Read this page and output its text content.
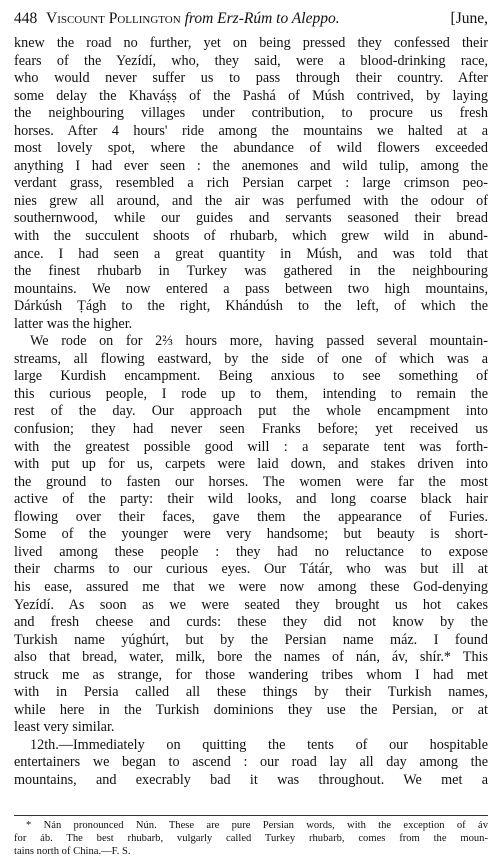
448 Viscount Pollington from Erz-Rúm to Aleppo.	[June,
knew the road no further, yet on being pressed they confessed their
fears of the Yezídí, who, they said, were a blood-drinking race,
who would never suffer us to pass through their country. After
some delay the Khaváṣṣ of the Pashá of Músh contrived, by laying
the neighbouring villages under contribution, to procure us fresh
horses. After 4 hours' ride among the mountains we halted at a
most lovely spot, where the abundance of wild flowers exceeded
anything I had ever seen : the anemones and wild tulip, among the
verdant grass, resembled a rich Persian carpet : large crimson peo-
nies grew all around, and the air was perfumed with the odour of
southernwood, while our guides and servants seasoned their bread
with the succulent shoots of rhubarb, which grew wild in abund-
ance. I had seen a great quantity in Músh, and was told that
the finest rhubarb in Turkey was gathered in the neighbouring
mountains. We now entered a pass between two high mountains,
Dárkúsh Ṭágh to the right, Khándúsh to the left, of which the
latter was the higher.
We rode on for 2⅔ hours more, having passed several mountain-
streams, all flowing eastward, by the side of one of which was a
large Kurdish encampment. Being anxious to see something of
this curious people, I rode up to them, intending to remain the
rest of the day. Our approach put the whole encampment into
confusion; they had never seen Franks before; yet received us
with the greatest possible good will : a separate tent was forth-
with put up for us, carpets were laid down, and stakes driven into
the ground to fasten our horses. The women were far the most
active of the party: their wild looks, and long coarse black hair
flowing over their faces, gave them the appearance of Furies.
Some of the younger were very handsome; but beauty is short-
lived among these people : they had no reluctance to expose
their charms to our curious eyes. Our Tátár, who was but ill at
his ease, assured me that we were now among these God-denying
Yezídí. As soon as we were seated they brought us hot cakes
and fresh cheese and curds: these they did not know by the
Turkish name yúghúrt, but by the Persian name máz. I found
also that bread, water, milk, bore the names of nán, áv, shír.* This
struck me as strange, for those wandering tribes whom I had met
with in Persia called all these things by their Turkish names,
while here in the Turkish dominions they use the Persian, or at
least very similar.
12th.—Immediately on quitting the tents of our hospitable
entertainers we began to ascend : our road lay all day among the
mountains, and execrably bad it was throughout. We met a
* Nán pronounced Nún. These are pure Persian words, with the exception of áv
for áb. The best rhubarb, vulgarly called Turkey rhubarb, comes from the moun-
tains north of China.—F. S.
